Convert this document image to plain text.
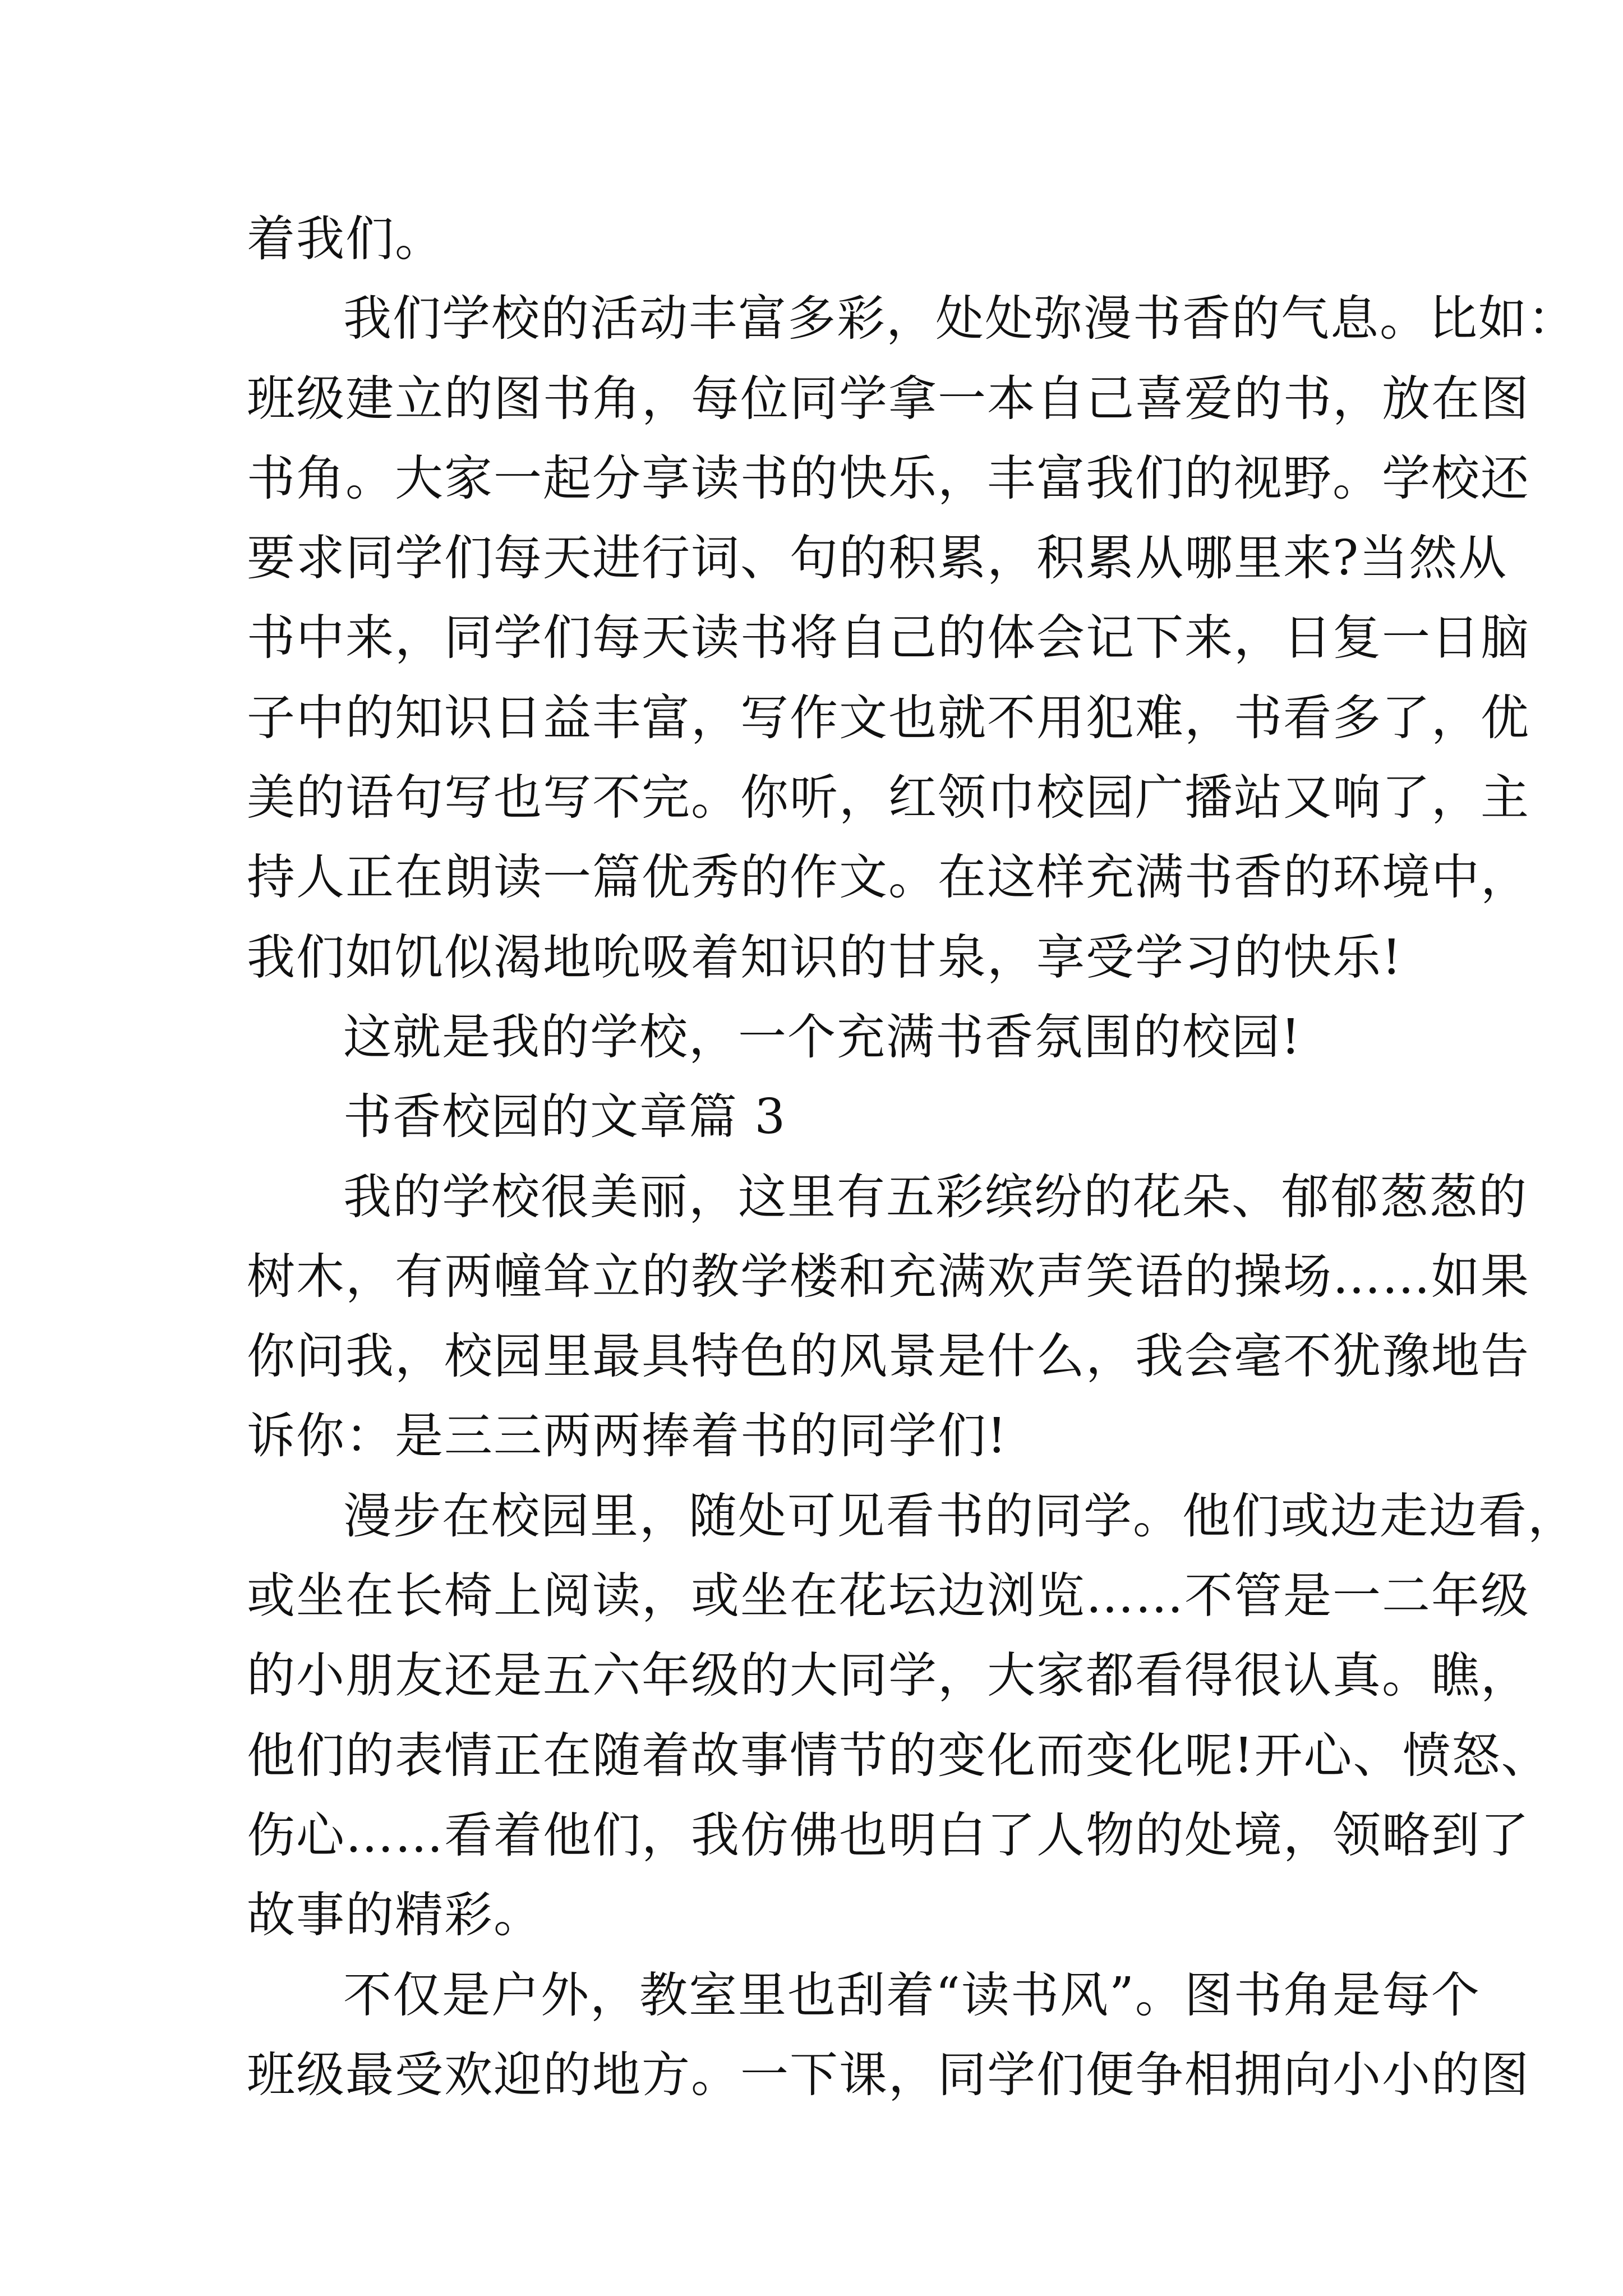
着我们。
我们学校的活动丰富多彩，处处弥漫书香的气息。比如：
班级建立的图书角，每位同学拿一本自己喜爱的书，放在图
书角。大家一起分享读书的快乐，丰富我们的视野。学校还
要求同学们每天进行词、句的积累，积累从哪里来?当然从
书中来，同学们每天读书将自己的体会记下来，日复一日脑
子中的知识日益丰富，写作文也就不用犯难，书看多了，优
美的语句写也写不完。你听，红领巾校园广播站又响了，主
持人正在朗读一篇优秀的作文。在这样充满书香的环境中，
我们如饥似渴地吮吸着知识的甘泉，享受学习的快乐!
这就是我的学校，一个充满书香氛围的校园!
书香校园的文章篇 3
我的学校很美丽，这里有五彩缤纷的花朵、郁郁葱葱的
树木，有两幢耸立的教学楼和充满欢声笑语的操场……如果
你问我，校园里最具特色的风景是什么，我会毫不犹豫地告
诉你：是三三两两捧着书的同学们!
漫步在校园里，随处可见看书的同学。他们或边走边看，
或坐在长椅上阅读，或坐在花坛边浏览……不管是一二年级
的小朋友还是五六年级的大同学，大家都看得很认真。瞧，
他们的表情正在随着故事情节的变化而变化呢!开心、愤怒、
伤心……看着他们，我仿佛也明白了人物的处境，领略到了
故事的精彩。
不仅是户外，教室里也刮着“读书风”。图书角是每个
班级最受欢迎的地方。一下课，同学们便争相拥向小小的图
